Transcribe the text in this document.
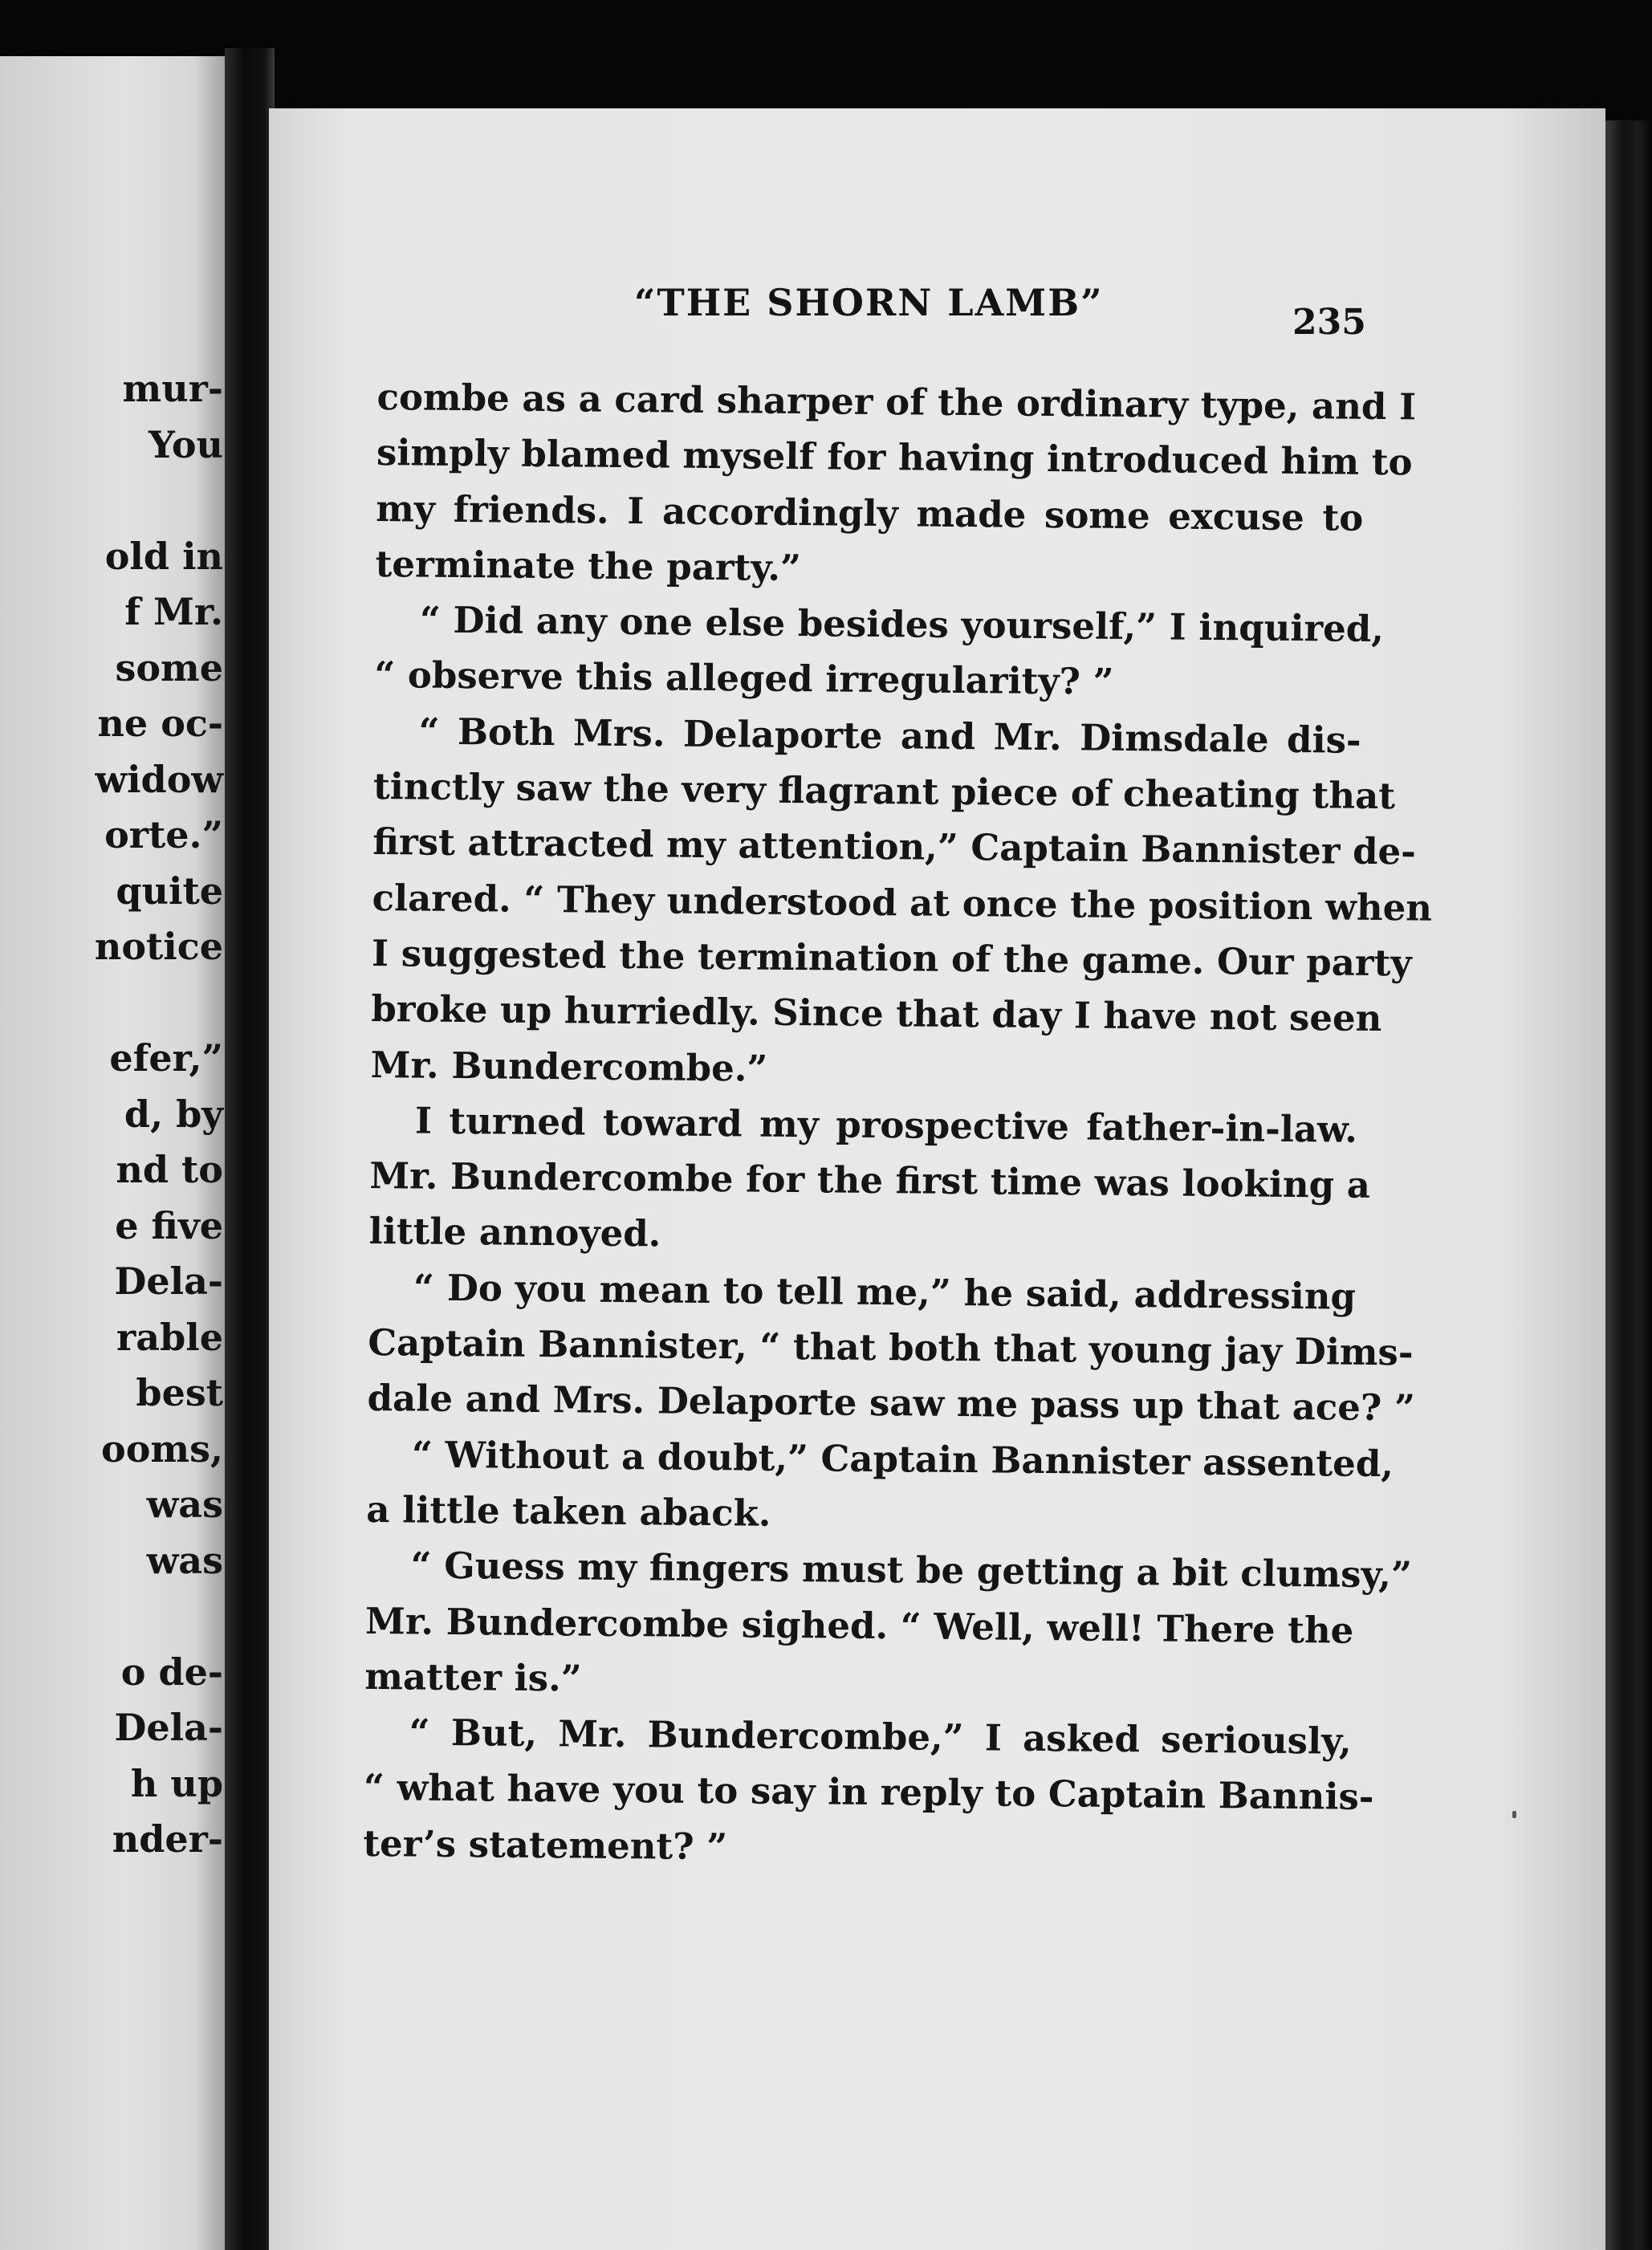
mur-
You
old in
f Mr.
some
ne oc-
widow
orte.”
quite
notice
efer,”
d, by
nd to
e five
Dela-
rable
best
ooms,
was
was
o de-
Dela-
h up
nder-
“THE SHORN LAMB”	235
combe as a card sharper of the ordinary type, and I
simply blamed myself for having introduced him to
my friends. I accordingly made some excuse to
terminate the party.”
“ Did any one else besides yourself,” I inquired,
“ observe this alleged irregularity? ”
“ Both Mrs. Delaporte and Mr. Dimsdale dis-
tinctly saw the very flagrant piece of cheating that
first attracted my attention,” Captain Bannister de-
clared. “ They understood at once the position when
I suggested the termination of the game. Our party
broke up hurriedly. Since that day I have not seen
Mr. Bundercombe.”
I turned toward my prospective father-in-law.
Mr. Bundercombe for the first time was looking a
little annoyed.
“ Do you mean to tell me,” he said, addressing
Captain Bannister, “ that both that young jay Dims-
dale and Mrs. Delaporte saw me pass up that ace? ”
“ Without a doubt,” Captain Bannister assented,
a little taken aback.
“ Guess my fingers must be getting a bit clumsy,”
Mr. Bundercombe sighed. “ Well, well! There the
matter is.”
“ But, Mr. Bundercombe,” I asked seriously,
“ what have you to say in reply to Captain Bannis-
ter’s statement? ”
